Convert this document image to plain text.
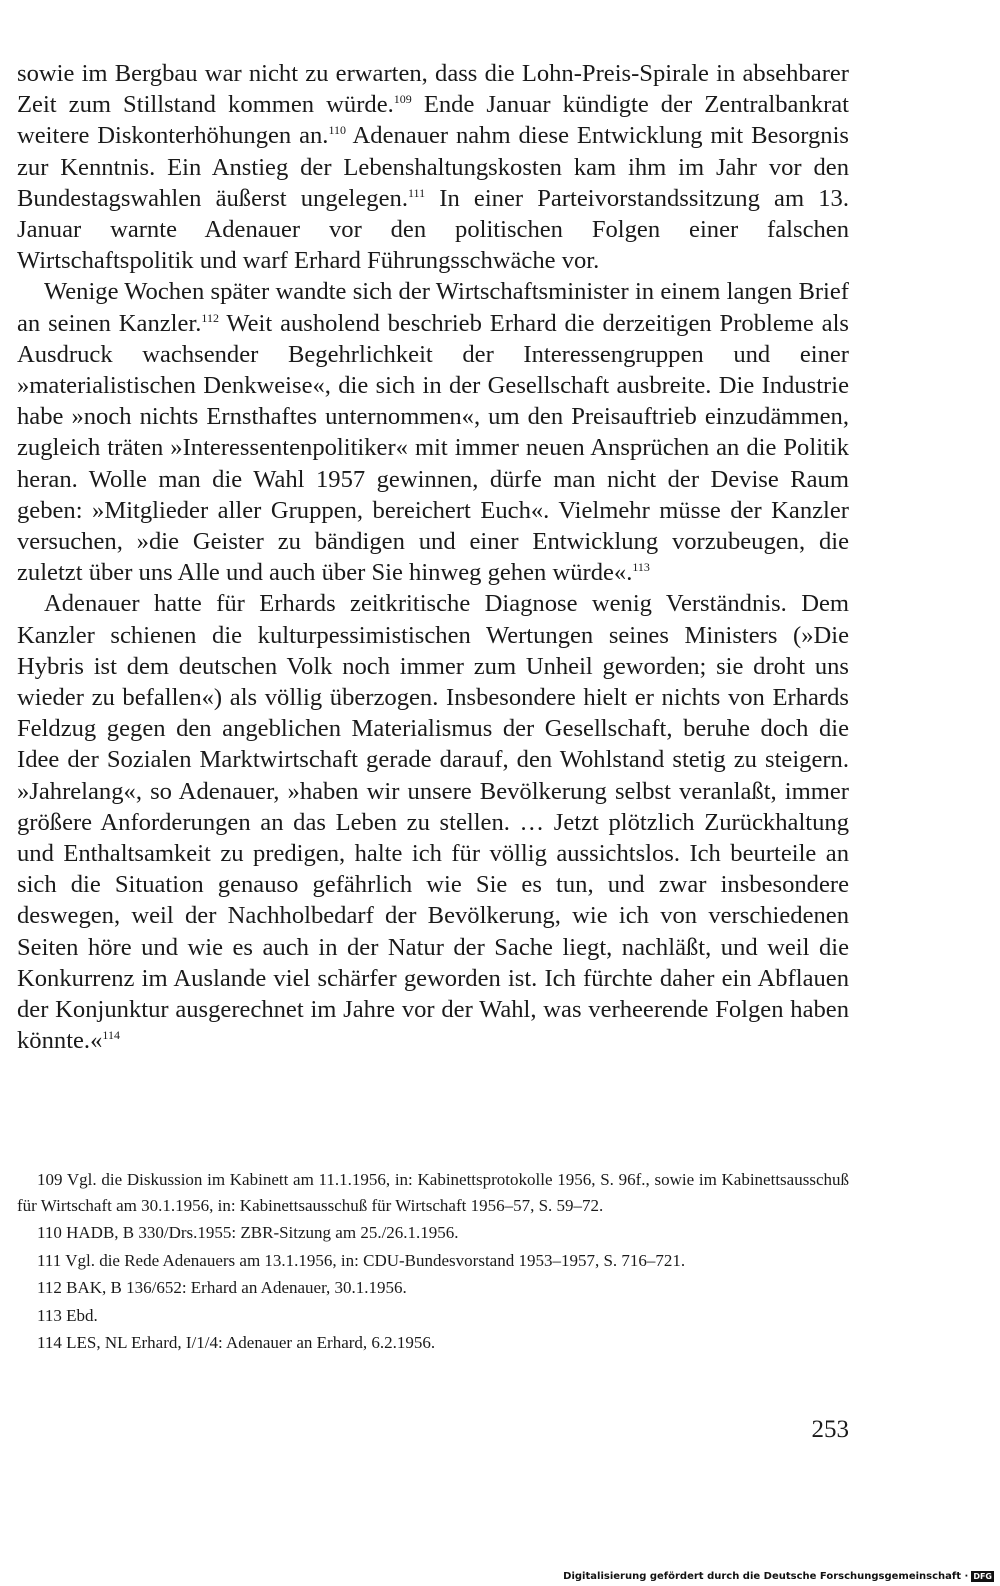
sowie im Bergbau war nicht zu erwarten, dass die Lohn-Preis-Spirale in absehbarer Zeit zum Stillstand kommen würde.$^{109}$ Ende Januar kündigte der Zentralbankrat weitere Diskonterhöhungen an.$^{110}$ Adenauer nahm diese Entwicklung mit Besorgnis zur Kenntnis. Ein Anstieg der Lebenshaltungskosten kam ihm im Jahr vor den Bundestagswahlen äußerst ungelegen.$^{111}$ In einer Parteivorstandssitzung am 13. Januar warnte Adenauer vor den politischen Folgen einer falschen Wirtschaftspolitik und warf Erhard Führungsschwäche vor.

Wenige Wochen später wandte sich der Wirtschaftsminister in einem langen Brief an seinen Kanzler.$^{112}$ Weit ausholend beschrieb Erhard die derzeitigen Probleme als Ausdruck wachsender Begehrlichkeit der Interessengruppen und einer »materialistischen Denkweise«, die sich in der Gesellschaft ausbreite. Die Industrie habe »noch nichts Ernsthaftes unternommen«, um den Preisauftrieb einzudämmen, zugleich träten »Interessentenpolitiker« mit immer neuen Ansprüchen an die Politik heran. Wolle man die Wahl 1957 gewinnen, dürfe man nicht der Devise Raum geben: »Mitglieder aller Gruppen, bereichert Euch«. Vielmehr müsse der Kanzler versuchen, »die Geister zu bändigen und einer Entwicklung vorzubeugen, die zuletzt über uns Alle und auch über Sie hinweg gehen würde«.$^{113}$

Adenauer hatte für Erhards zeitkritische Diagnose wenig Verständnis. Dem Kanzler schienen die kulturpessimistischen Wertungen seines Ministers (»Die Hybris ist dem deutschen Volk noch immer zum Unheil geworden; sie droht uns wieder zu befallen«) als völlig überzogen. Insbesondere hielt er nichts von Erhards Feldzug gegen den angeblichen Materialismus der Gesellschaft, beruhe doch die Idee der Sozialen Marktwirtschaft gerade darauf, den Wohlstand stetig zu steigern. »Jahrelang«, so Adenauer, »haben wir unsere Bevölkerung selbst veranlaßt, immer größere Anforderungen an das Leben zu stellen. … Jetzt plötzlich Zurückhaltung und Enthaltsamkeit zu predigen, halte ich für völlig aussichtslos. Ich beurteile an sich die Situation genauso gefährlich wie Sie es tun, und zwar insbesondere deswegen, weil der Nachholbedarf der Bevölkerung, wie ich von verschiedenen Seiten höre und wie es auch in der Natur der Sache liegt, nachläßt, und weil die Konkurrenz im Auslande viel schärfer geworden ist. Ich fürchte daher ein Abflauen der Konjunktur ausgerechnet im Jahre vor der Wahl, was verheerende Folgen haben könnte.«$^{114}$

109 Vgl. die Diskussion im Kabinett am 11.1.1956, in: Kabinettsprotokolle 1956, S. 96f., sowie im Kabinettsausschuß für Wirtschaft am 30.1.1956, in: Kabinettsausschuß für Wirtschaft 1956–57, S. 59–72.

110 HADB, B 330/Drs.1955: ZBR-Sitzung am 25./26.1.1956.

111 Vgl. die Rede Adenauers am 13.1.1956, in: CDU-Bundesvorstand 1953–1957, S. 716–721.

112 BAK, B 136/652: Erhard an Adenauer, 30.1.1956.

113 Ebd.

114 LES, NL Erhard, I/1/4: Adenauer an Erhard, 6.2.1956.

253
Digitalisierung gefördert durch die Deutsche Forschungsgemeinschaft · DFG
